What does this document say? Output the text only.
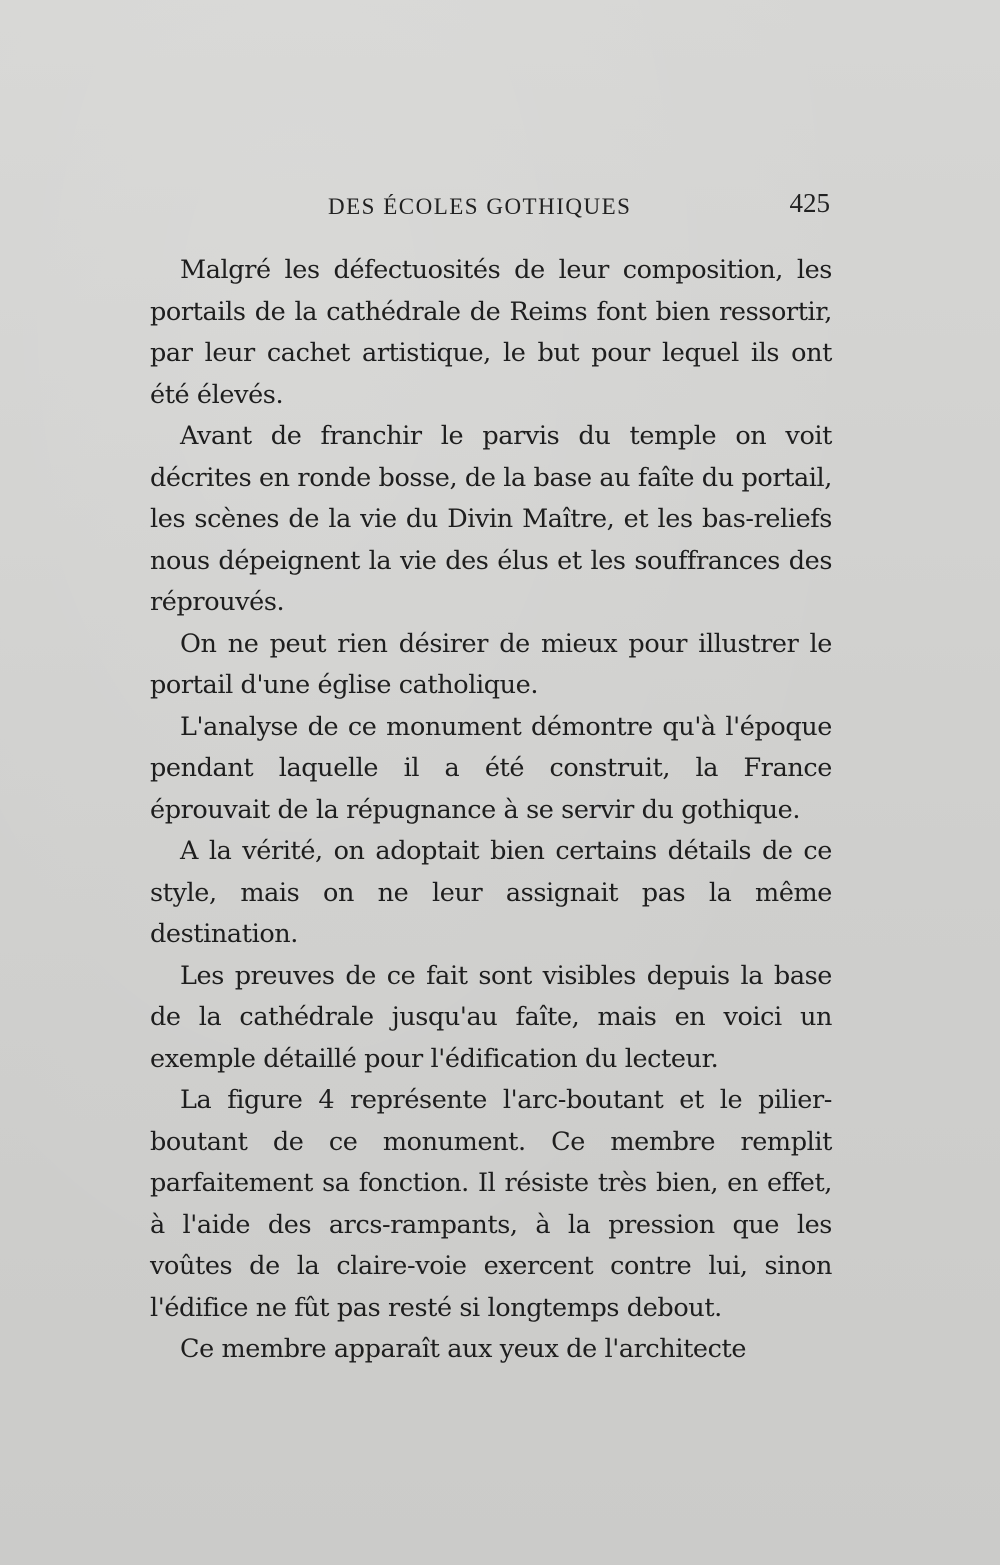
DES ÉCOLES GOTHIQUES	425

Malgré les défectuosités de leur composition, les portails de la cathédrale de Reims font bien ressortir, par leur cachet artistique, le but pour lequel ils ont été élevés.

Avant de franchir le parvis du temple on voit décrites en ronde bosse, de la base au faîte du portail, les scènes de la vie du Divin Maître, et les bas-reliefs nous dépeignent la vie des élus et les souffrances des réprouvés.

On ne peut rien désirer de mieux pour illustrer le portail d'une église catholique.

L'analyse de ce monument démontre qu'à l'époque pendant laquelle il a été construit, la France éprouvait de la répugnance à se servir du gothique.

A la vérité, on adoptait bien certains détails de ce style, mais on ne leur assignait pas la même destination.

Les preuves de ce fait sont visibles depuis la base de la cathédrale jusqu'au faîte, mais en voici un exemple détaillé pour l'édification du lecteur.

La figure 4 représente l'arc-boutant et le pilier-boutant de ce monument. Ce membre remplit parfaitement sa fonction. Il résiste très bien, en effet, à l'aide des arcs-rampants, à la pression que les voûtes de la claire-voie exercent contre lui, sinon l'édifice ne fût pas resté si longtemps debout.

Ce membre apparaît aux yeux de l'architecte
